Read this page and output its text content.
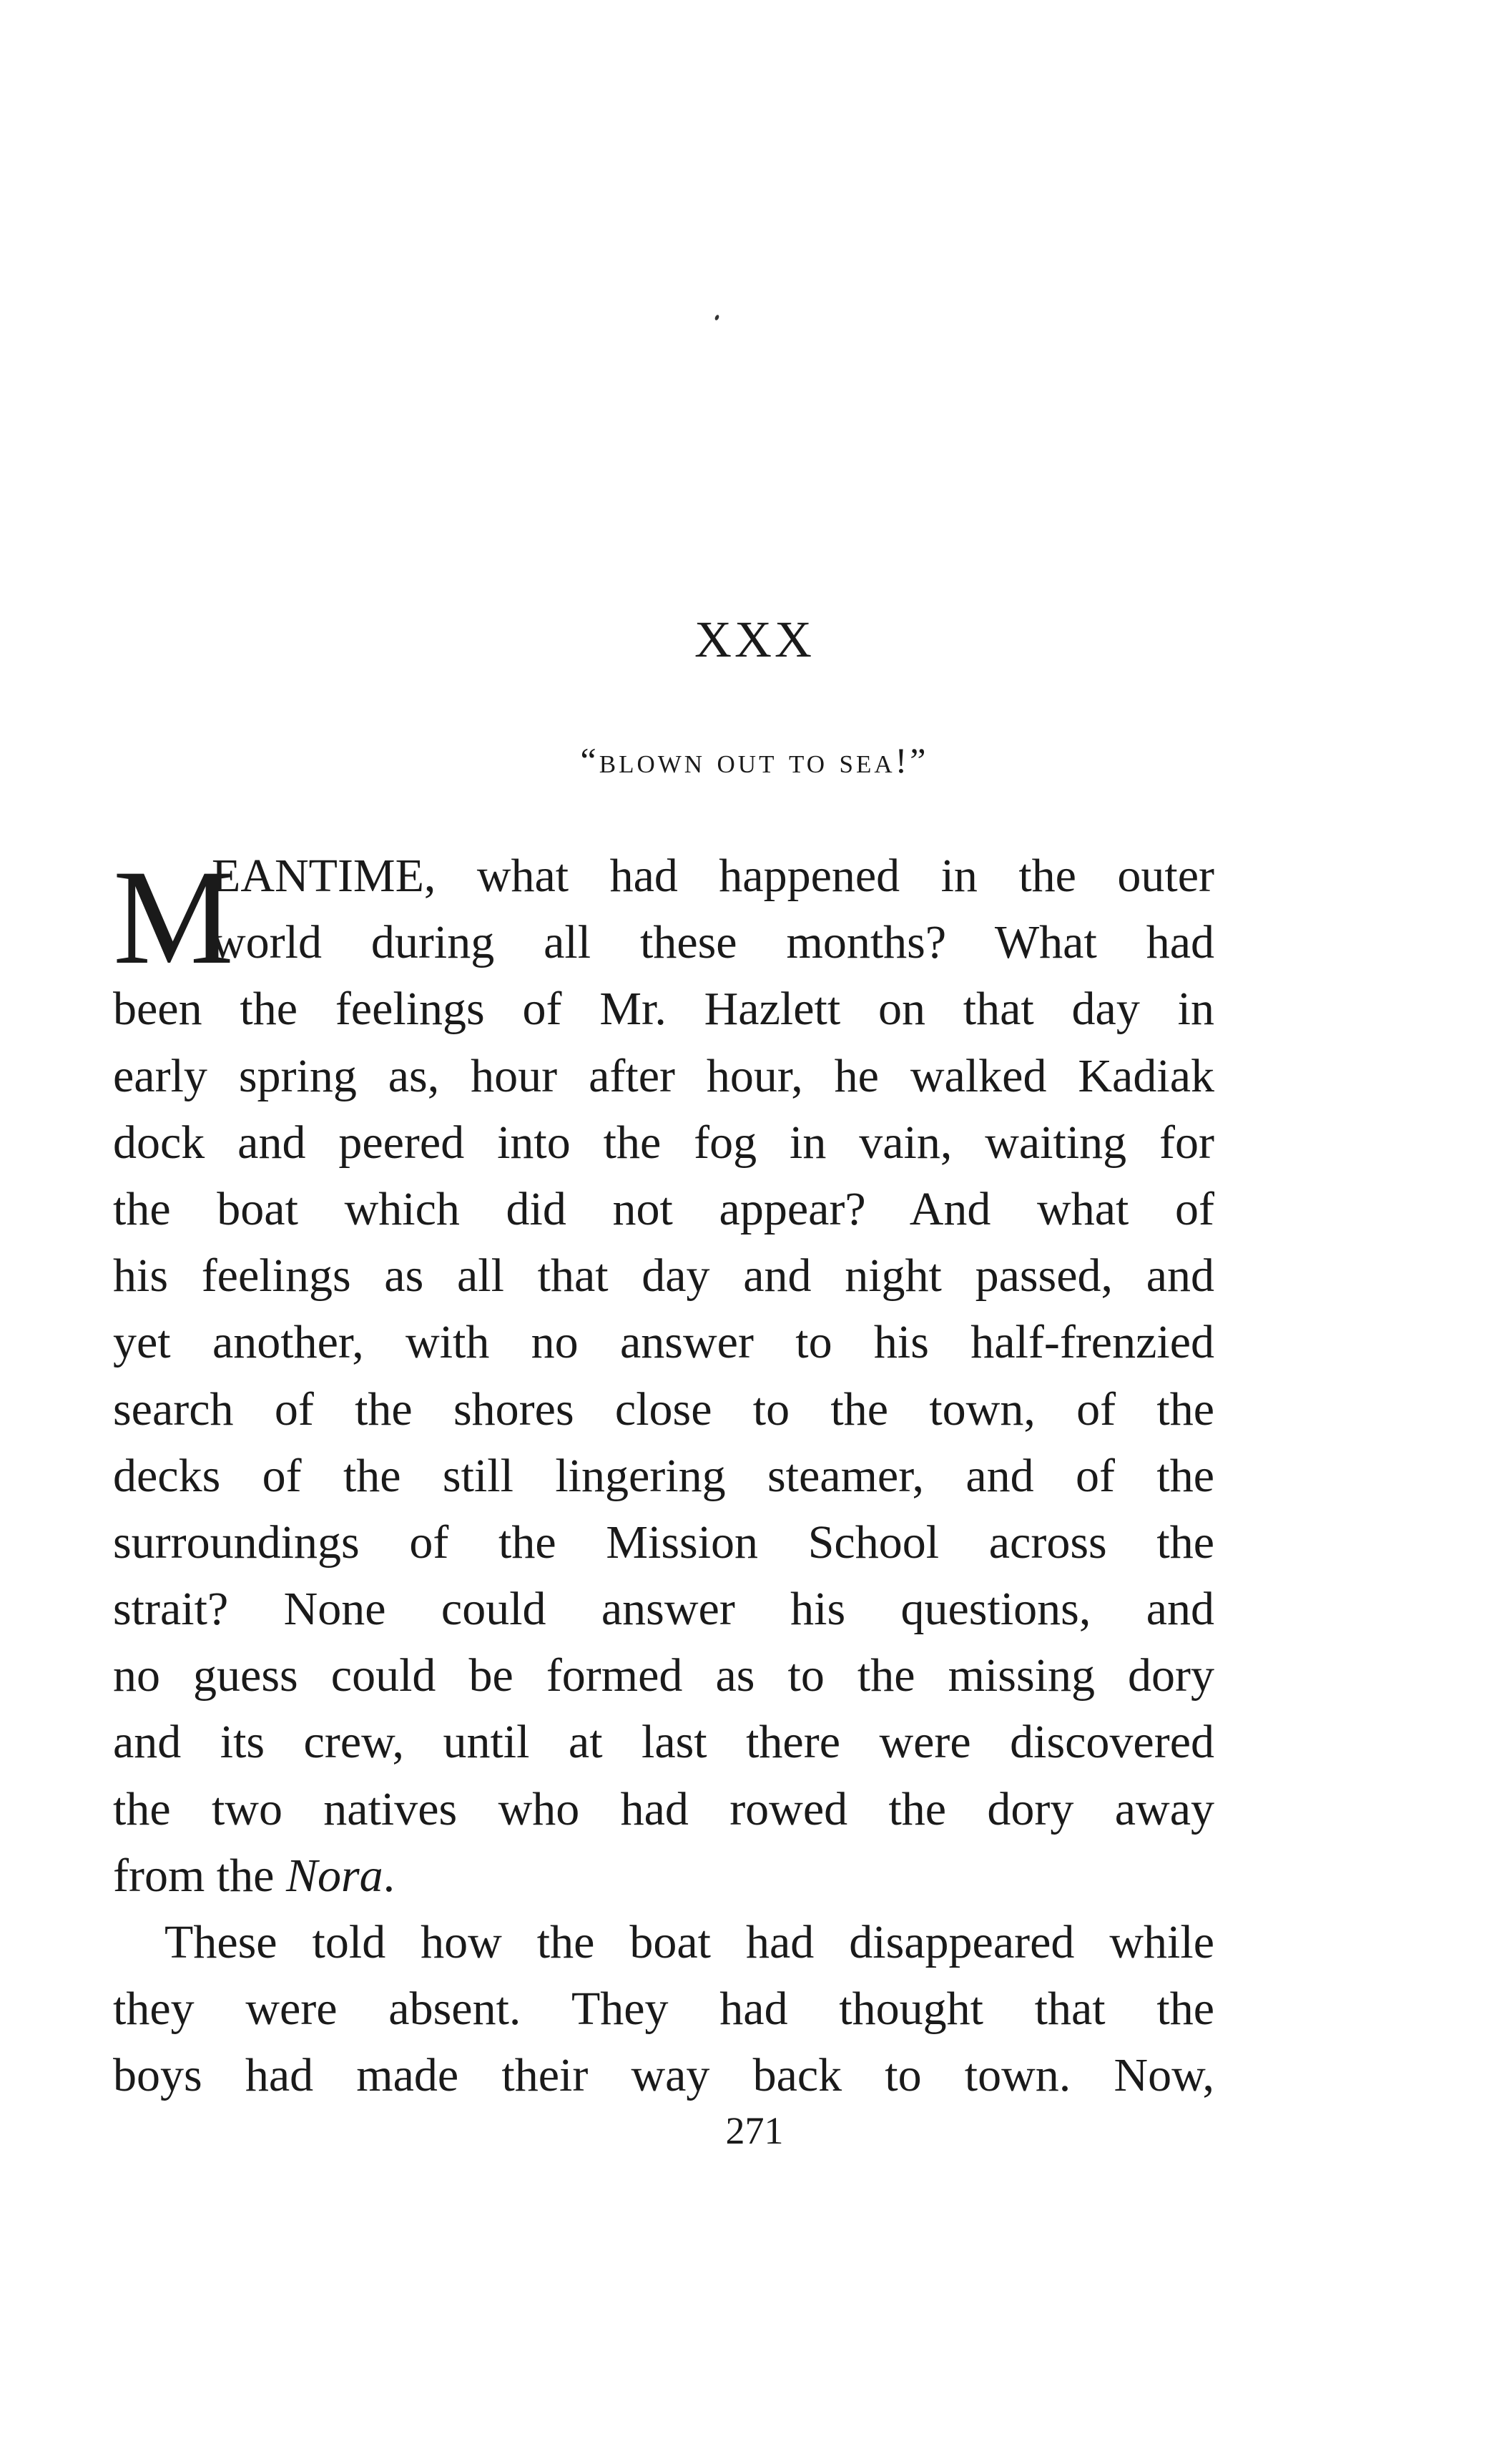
XXX
“blown out to sea!”
M
EANTIME, what had happened in the outer
world during all these months? What had
been the feelings of Mr. Hazlett on that day in
early spring as, hour after hour, he walked Kadiak
dock and peered into the fog in vain, waiting for
the boat which did not appear? And what of
his feelings as all that day and night passed, and
yet another, with no answer to his half-frenzied
search of the shores close to the town, of the
decks of the still lingering steamer, and of the
surroundings of the Mission School across the
strait? None could answer his questions, and
no guess could be formed as to the missing dory
and its crew, until at last there were discovered
the two natives who had rowed the dory away
from the Nora.
These told how the boat had disappeared while
they were absent. They had thought that the
boys had made their way back to town. Now,
271
